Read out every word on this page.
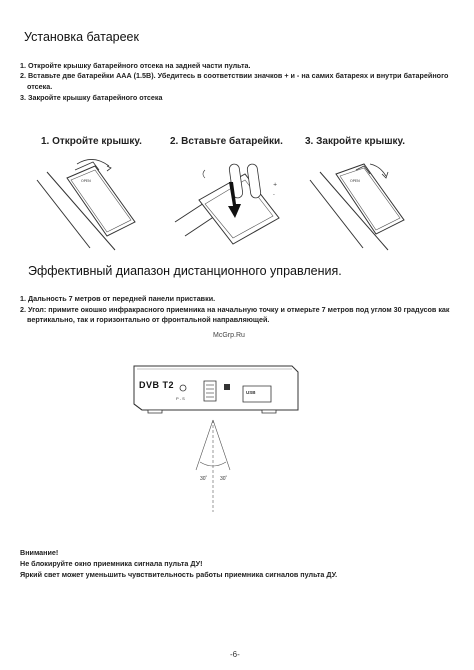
Установка батареек
1. Откройте крышку батарейного отсека на задней части пульта.
2. Вставьте две батарейки ААА (1.5В). Убедитесь в соответствии значков + и - на самих батареях и внутри батарейного
отсека.
3. Закройте крышку батарейного отсека
1. Откройте крышку.	2. Вставьте батарейки. 3. Закройте крышку.
OPEN
+
-
OPEN
Эффективный диапазон дистанционного управления.
1. Дальность 7 метров от передней панели приставки.
2. Угол: примите окошко инфракрасного приемника на начальную точку и отмерьте 7 метров под углом 30 градусов как
вертикально, так и горизонтально от фронтальной направляющей.
McGrp.Ru
DVB T2
P - S
USB
30˚	30˚
Внимание!
Не блокируйте окно приемника сигнала пульта ДУ!
Яркий свет может уменьшить чувствительность работы приемника сигналов пульта ДУ.
-6-
